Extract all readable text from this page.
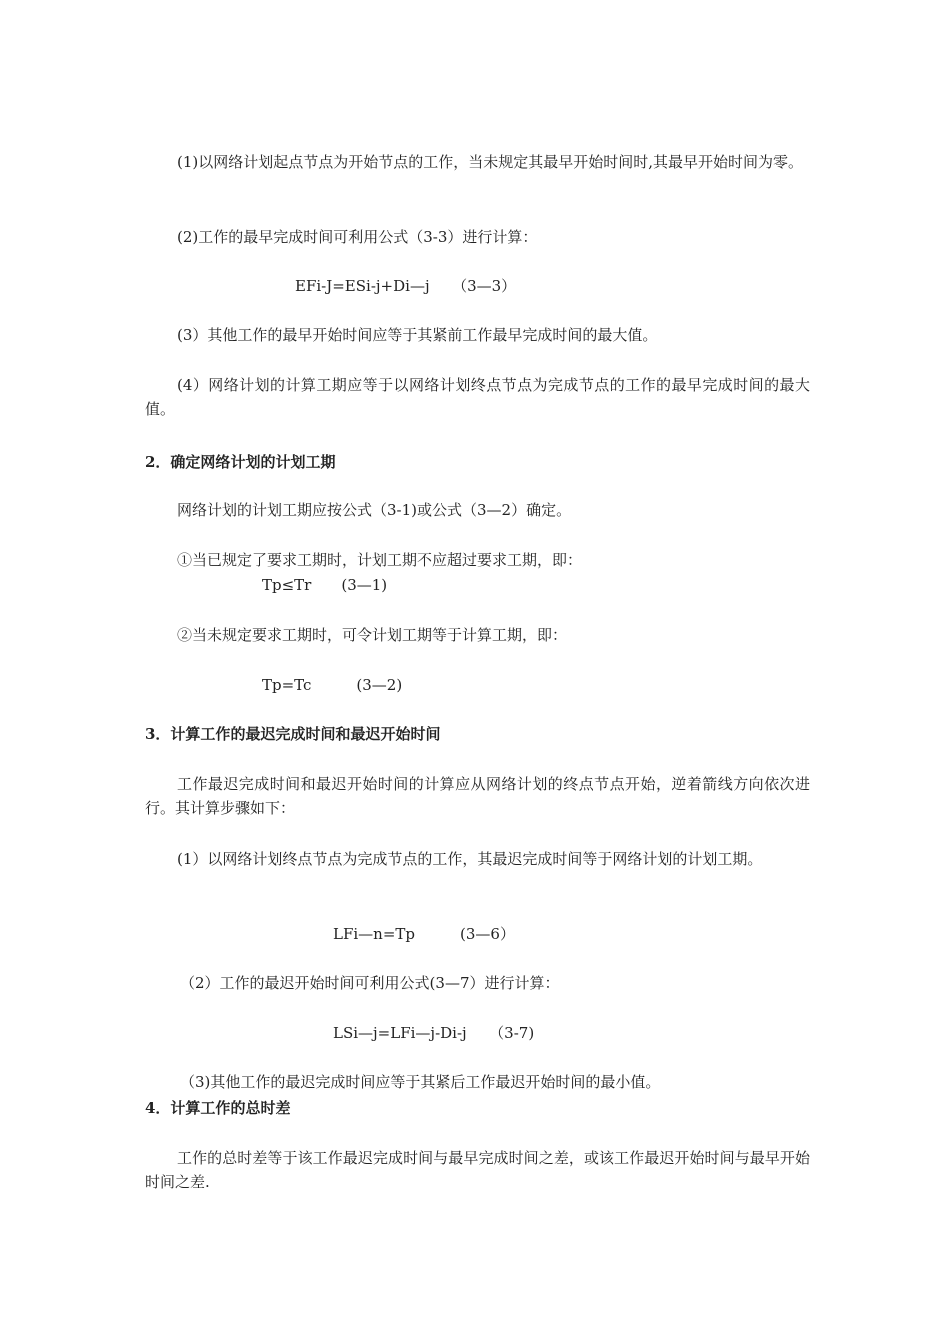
(1)以网络计划起点节点为开始节点的工作，当未规定其最早开始时间时,其最早开始时间为零。

(2)工作的最早完成时间可利用公式（3-3）进行计算：

EFi-J=ESi-j+Di—j　　（3—3）

(3）其他工作的最早开始时间应等于其紧前工作最早完成时间的最大值。

(4）网络计划的计算工期应等于以网络计划终点节点为完成节点的工作的最早完成时间的最大值。

2．确定网络计划的计划工期

网络计划的计划工期应按公式（3-1)或公式（3—2）确定。

①当已规定了要求工期时，计划工期不应超过要求工期，即：

Tp≤Tr　　(3—1)

②当未规定要求工期时，可令计划工期等于计算工期，即：

Tp=Tc　　　(3—2)

3．计算工作的最迟完成时间和最迟开始时间

工作最迟完成时间和最迟开始时间的计算应从网络计划的终点节点开始，逆着箭线方向依次进行。其计算步骤如下：

(1）以网络计划终点节点为完成节点的工作，其最迟完成时间等于网络计划的计划工期。

LFi—n=Tp　　　(3—6）

（2）工作的最迟开始时间可利用公式(3—7）进行计算：

LSi—j=LFi—j-Di-j　　（3-7)

（3)其他工作的最迟完成时间应等于其紧后工作最迟开始时间的最小值。

4．计算工作的总时差

工作的总时差等于该工作最迟完成时间与最早完成时间之差，或该工作最迟开始时间与最早开始时间之差.
